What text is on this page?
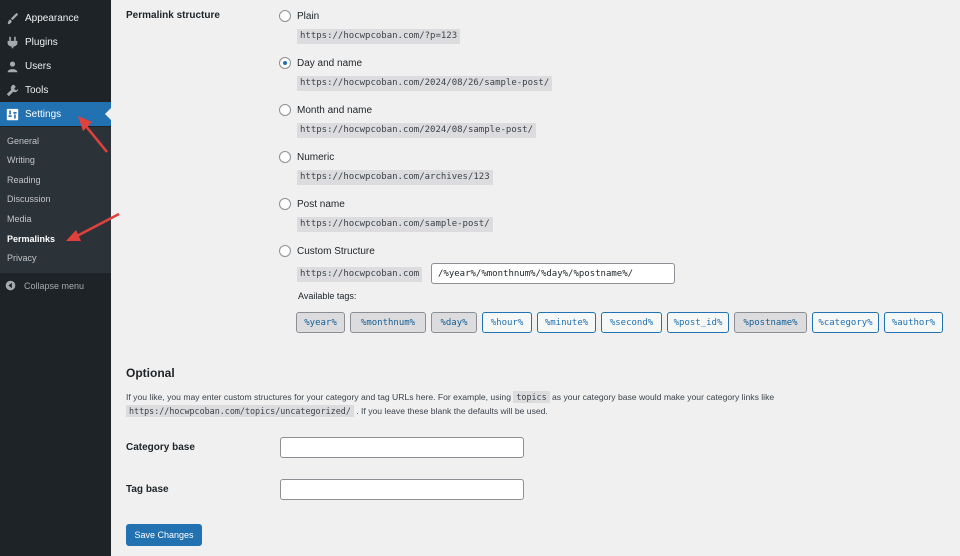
Appearance
Plugins
Users
Tools
Settings
General
Writing
Reading
Discussion
Media
Permalinks
Privacy
Collapse menu
Permalink structure	Plain
https://hocwpcoban.com/?p=123
Day and name
https://hocwpcoban.com/2024/08/26/sample-post/
Month and name
https://hocwpcoban.com/2024/08/sample-post/
Numeric
https://hocwpcoban.com/archives/123
Post name
https://hocwpcoban.com/sample-post/
Custom Structure
https://hocwpcoban.com
/%year%/%monthnum%/%day%/%postname%/
Available tags:
%year%	%monthnum%	%day%	%hour%	%minute%	%second%	%post_id%	%postname%	%category%	%author%
Optional
If you like, you may enter custom structures for your category and tag URLs here. For example, using topics as your category base would make your category links like
https://hocwpcoban.com/topics/uncategorized/ . If you leave these blank the defaults will be used.
Category base
Tag base
Save Changes
